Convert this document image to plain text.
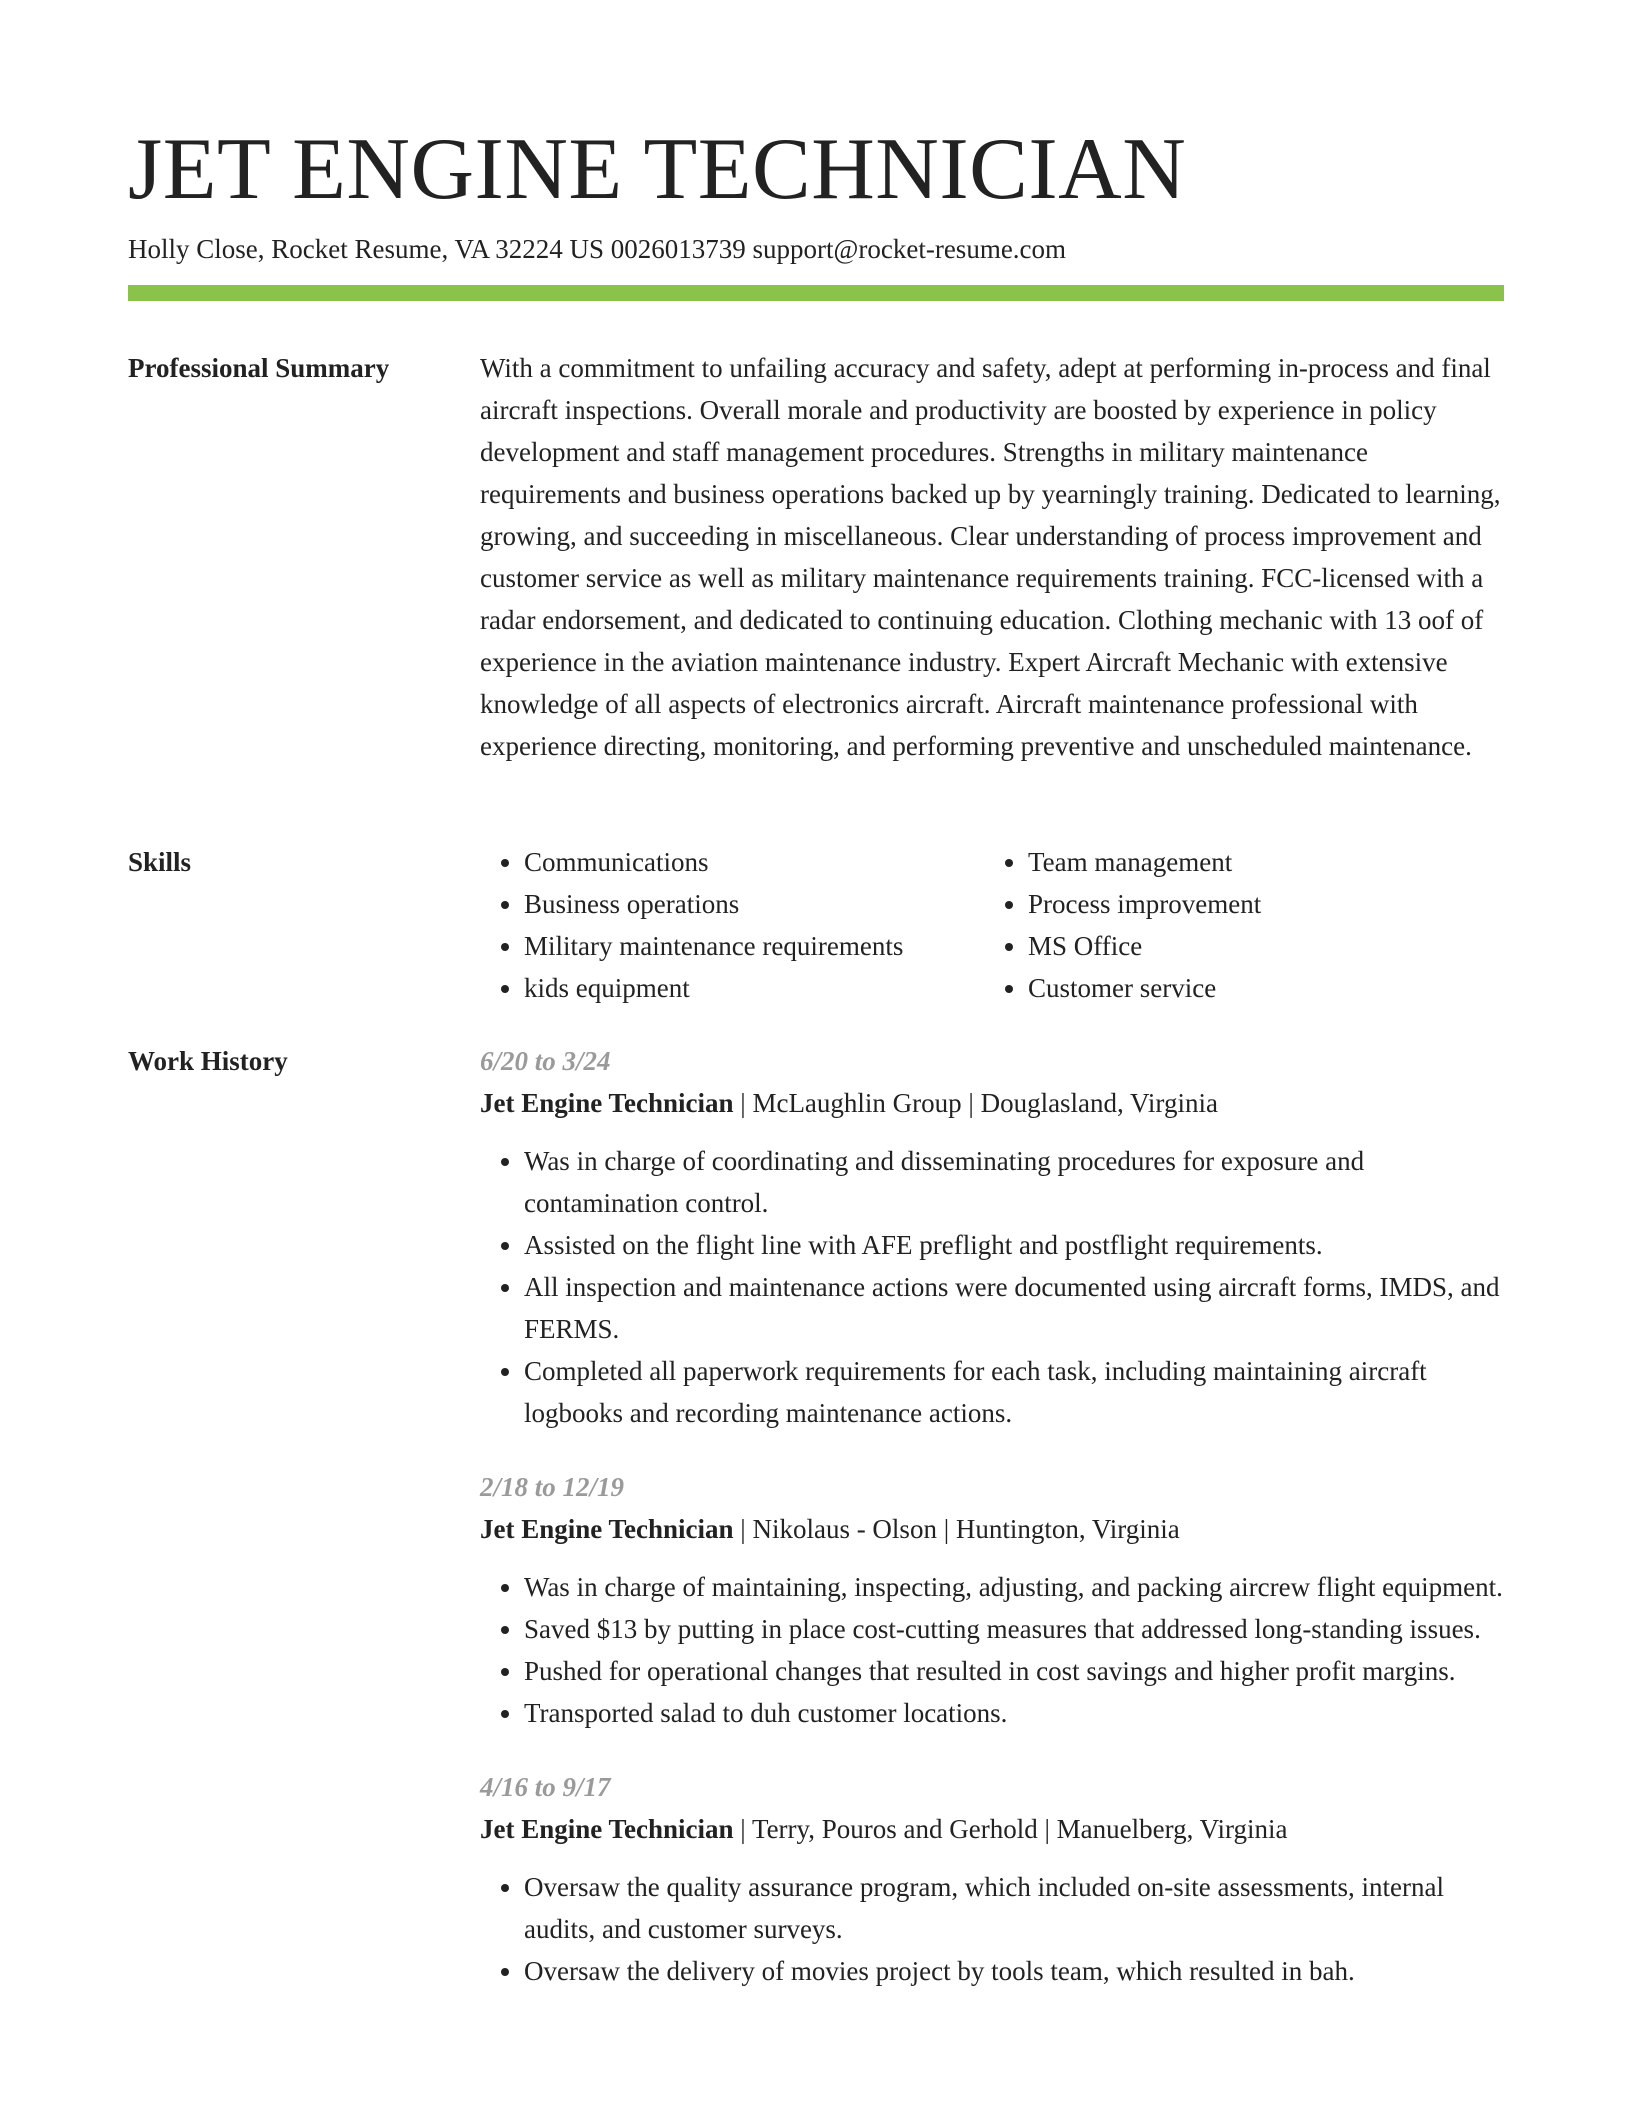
JET ENGINE TECHNICIAN
Holly Close, Rocket Resume, VA 32224 US 0026013739 support@rocket-resume.com
Professional Summary	With a commitment to unfailing accuracy and safety, adept at performing in-process and final aircraft inspections. Overall morale and productivity are boosted by experience in policy development and staff management procedures. Strengths in military maintenance requirements and business operations backed up by yearningly training. Dedicated to learning, growing, and succeeding in miscellaneous. Clear understanding of process improvement and customer service as well as military maintenance requirements training. FCC-licensed with a radar endorsement, and dedicated to continuing education. Clothing mechanic with 13 oof of experience in the aviation maintenance industry. Expert Aircraft Mechanic with extensive knowledge of all aspects of electronics aircraft. Aircraft maintenance professional with experience directing, monitoring, and performing preventive and unscheduled maintenance.

Skills
•	Communications
• Business operations
• Military maintenance requirements
• kids equipment
• Team management
• Process improvement
• MS Office
• Customer service
Work History	6/20 to 3/24
Jet Engine Technician | McLaughlin Group | Douglasland, Virginia
• Was in charge of coordinating and disseminating procedures for exposure and contamination control.
• Assisted on the flight line with AFE preflight and postflight requirements.
• All inspection and maintenance actions were documented using aircraft forms, IMDS, and FERMS.
• Completed all paperwork requirements for each task, including maintaining aircraft logbooks and recording maintenance actions.
2/18 to 12/19
Jet Engine Technician | Nikolaus - Olson | Huntington, Virginia
• Was in charge of maintaining, inspecting, adjusting, and packing aircrew flight equipment.
• Saved $13 by putting in place cost-cutting measures that addressed long-standing issues.
• Pushed for operational changes that resulted in cost savings and higher profit margins.
• Transported salad to duh customer locations.
4/16 to 9/17
Jet Engine Technician | Terry, Pouros and Gerhold | Manuelberg, Virginia
• Oversaw the quality assurance program, which included on-site assessments, internal audits, and customer surveys.
• Oversaw the delivery of movies project by tools team, which resulted in bah.
